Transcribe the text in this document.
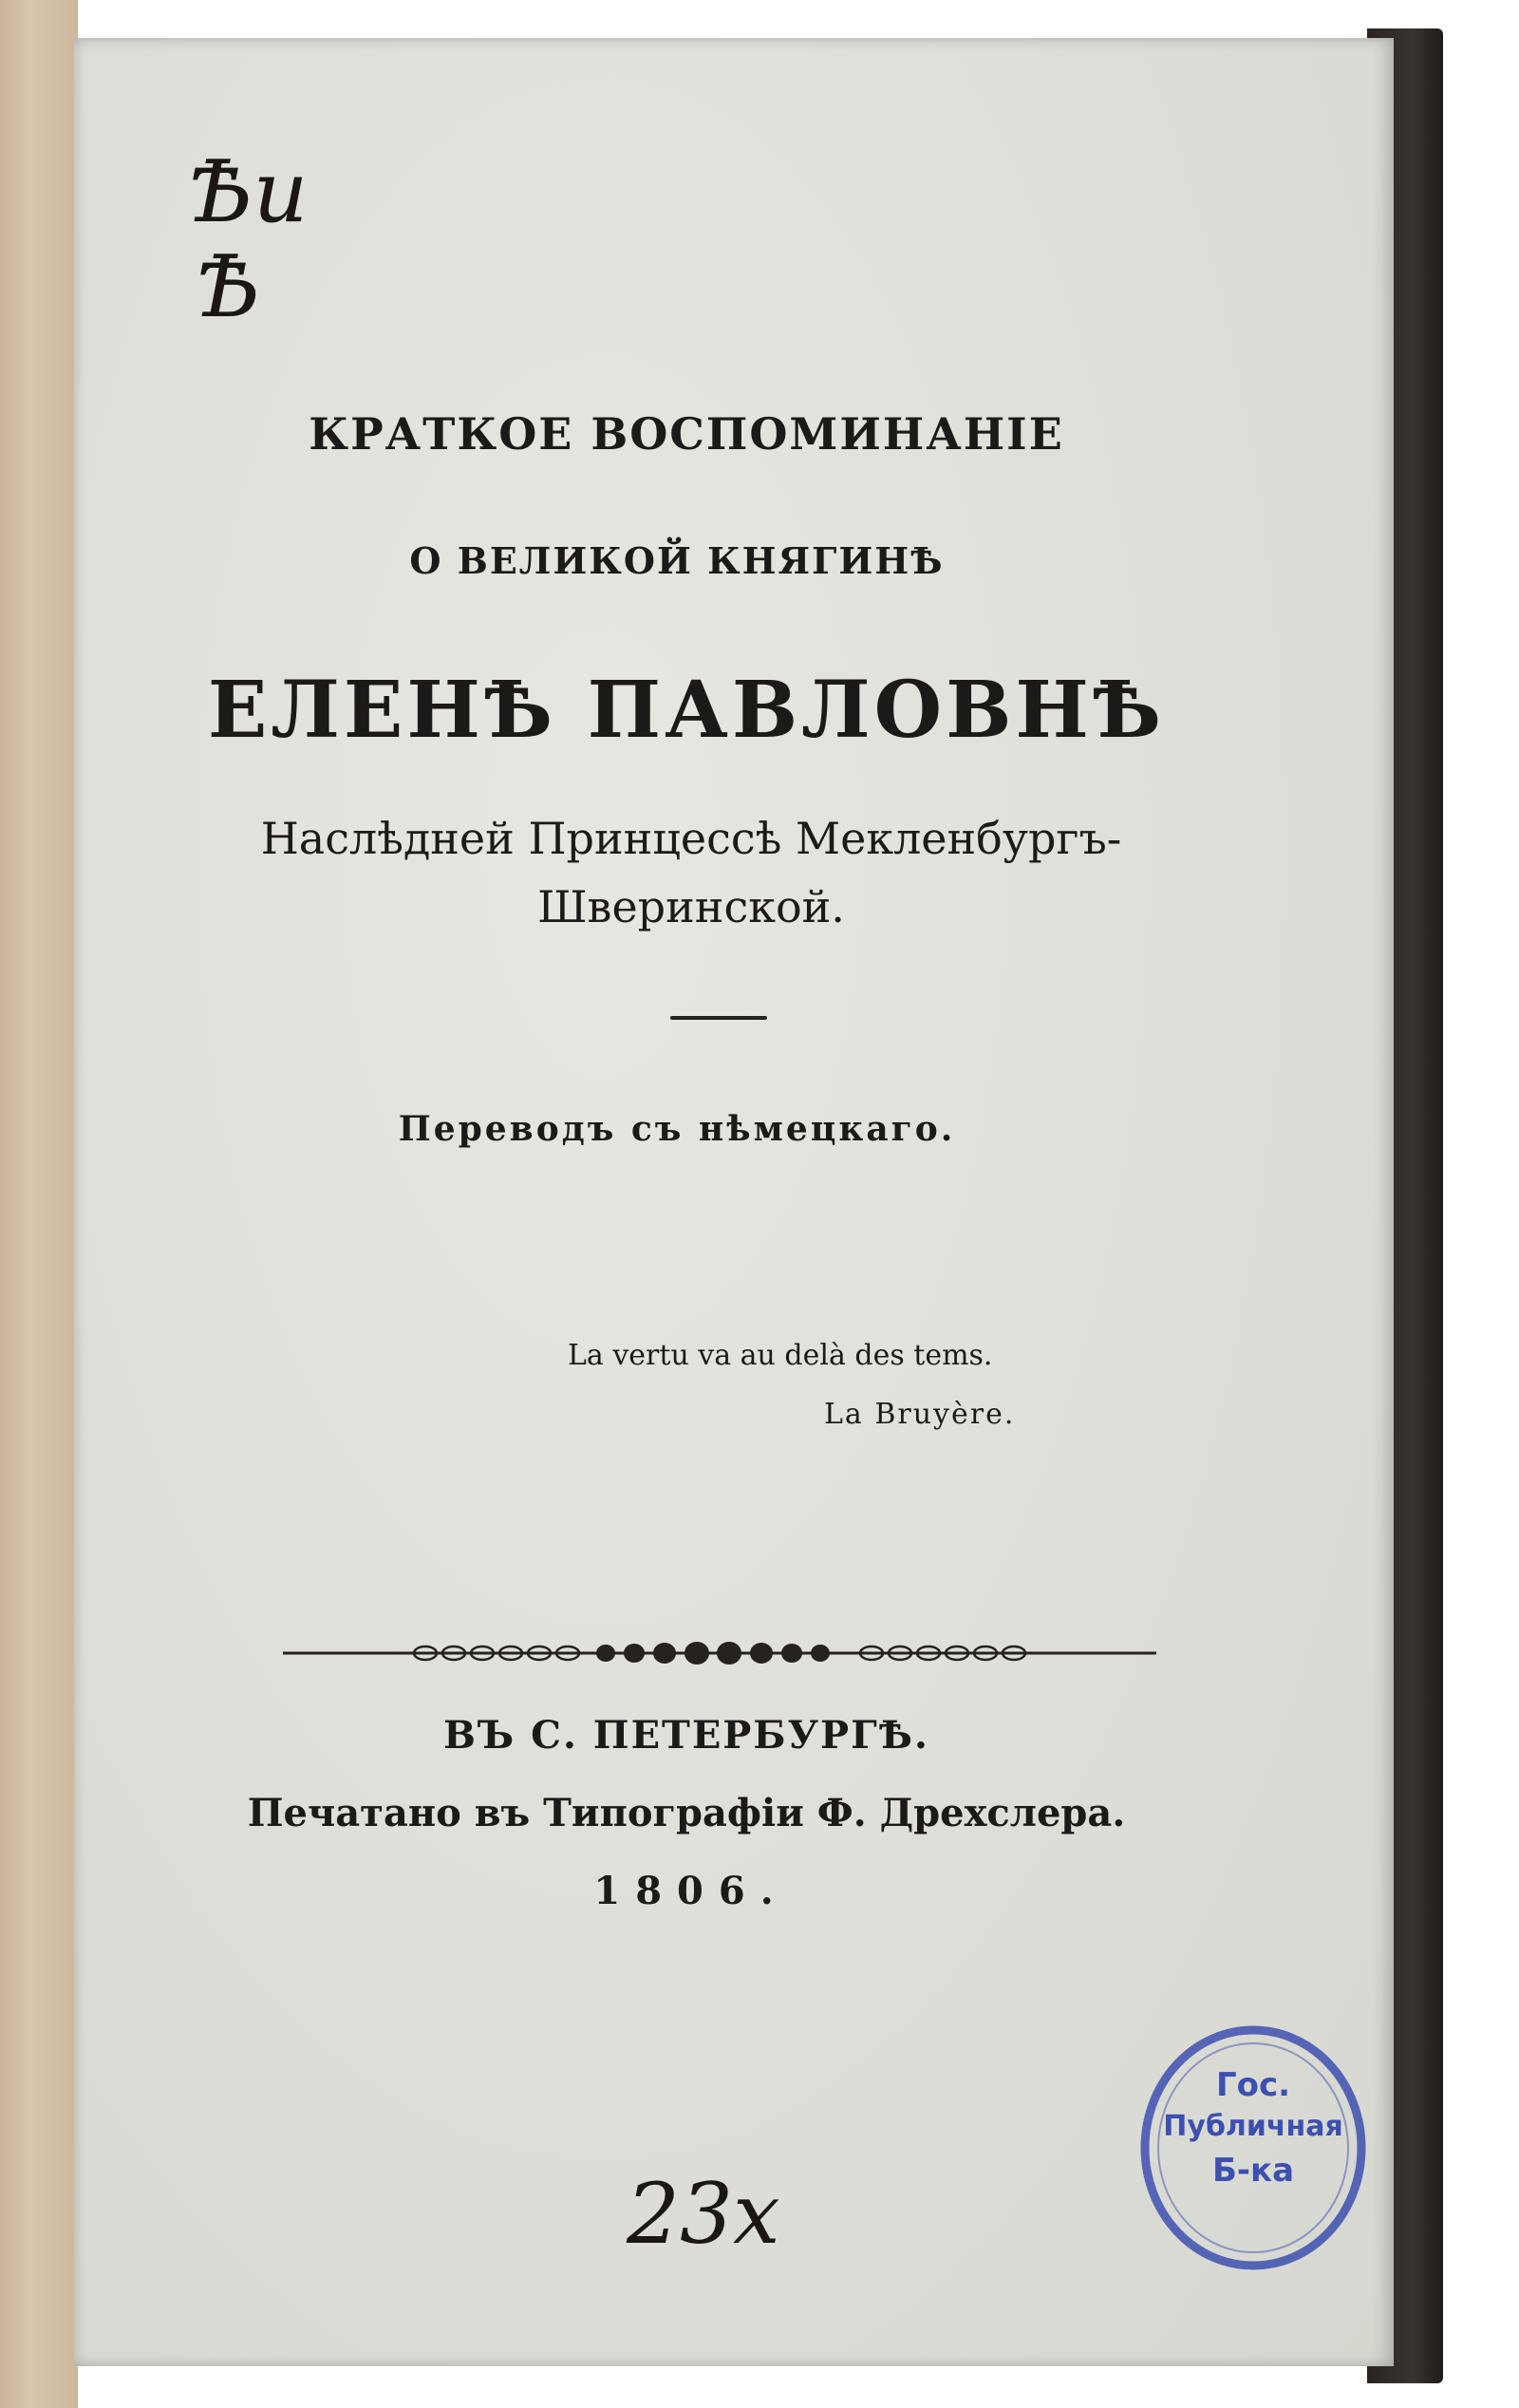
Ѣи
Ѣ
КРАТКОЕ ВОСПОМИНАНІЕ
О ВЕЛИКОЙ КНЯГИНѢ
ЕЛЕНѢ ПАВЛОВНѢ
Наслѣдней Принцессѣ Мекленбургъ-
Шверинской.
Переводъ съ нѣмецкаго.
La vertu va au delà des tems.
La Bruyère.
ВЪ С. ПЕТЕРБУРГѢ.
Печатано въ Типографіи Ф. Дрехслера.
1806.
23x
Гос.
Публичная
Б-ка
